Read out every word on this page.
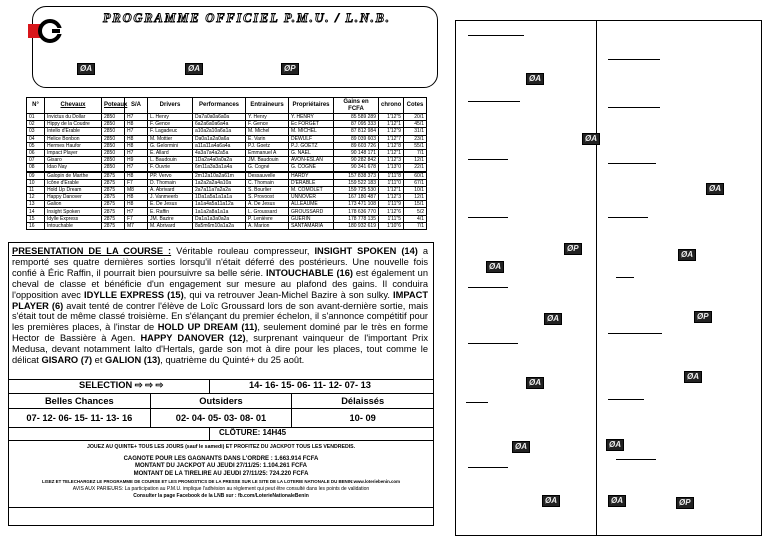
PROGRAMME OFFICIEL P.M.U. / L.N.B.
ØA	ØA	ØP
N°	Chevaux	Poteaux	S/A	Drivers	Performances	Entraîneurs	Propriétaires	Gains en FCFA	chrono	Cotes
01	Invictus du Dollar	2850	H7	L. Henry	Da7a0a0a6a0a	Y. Henry	Y. HENRY	85 589 289	1'12"5	20/1
02	Hippy de la Coudre	2850	H8	F. Gence	6a2a6a0a6a4a	F. Gence	Ec FORGET	87 095 333	1'12"1	45/1
03	Intello d'Erable	2850	H7	F. Lagadeuc	a10a2a10a6a1a	M. Michel	M. MICHEL	87 812 984	1'12"9	31/1
04	Helice Bonbon	2850	H8	M. Mottier	Da0a1a2a0a6a	E. Varin	DEWULF	89 039 603	1'12"7	23/1
05	Hermes Haufor	2850	H8	G. Gelormini	a11a11a4a6a4a	PJ. Goetz	P.J. GOETZ	89 603 726	1'12"8	55/1
06	Impact Player	2850	H7	E. Allard	4a3a7a4a2a5a	Emmanuel A	G. NAEL	90 148 171	1'12"1	7/1
07	Gisaro	2850	H9	L. Baudouin	1Da2a4a0a0a2a	JM. Baudouin	AVON-ESLAN	90 282 842	1'12"3	12/1
08	Idao Nay	2850	H7	F. Ouvrie	6m11a3a3a1a4a	G. Cogné	G. COGNE	90 341 678	1'13"0	22/1
09	Galopin de Marthe	2875	H8	PP. Vervo	2m12a10a2a61m	Dessauvelle	HARDY	157 838 373	1'11"8	60/1
10	Icône d'Erable	2875	F7	D. Thomain	1a2a2a2a4a10a	C. Thomain	D'ERABLE	159 522 183	1'11"0	67/1
11	Hold Up Dream	2875	M8	A. Abrivard	2a7a11a7a2a2a	S. Bourlier	M. COMOLET	159 725 530	1'12"1	10/1
12	Happy Danover	2875	H8	J. Vanmeerb	1Da1a5a1a1a1a	S. Provoost	UNNOVER	167 180 487	1'12"3	12/1
13	Galion	2875	H8	E. De Jesus	1a1a4a5a11a12a	A. De Jesus	ALLEAUME	173 471 108	1'11"9	15/1
14	Insight Spoken	2875	H7	E. Raffin	1a1a2a8a1a1a	L. Groussard	GROUSSARD	178 636 770	1'12"6	5/2
15	Idylle Express	2875	F7	JM. Bazire	Da1a1a3a0a2a	P. Lenièvre	GUERIN	178 778 135	1'11"5	4/1
16	Intouchable	2875	M7	M. Abrivard	8a5m6m10a1a2a	A. Marion	SANTAMARIA	180 932 619	1'10"6	7/1
PRESENTATION DE LA COURSE : Véritable rouleau compresseur, INSIGHT SPOKEN (14) a remporté ses quatre dernières sorties lorsqu'il n'était déferré des postérieurs. Une nouvelle fois confié à Éric Raffin, il pourrait bien poursuivre sa belle série. INTOUCHABLE (16) est également un cheval de classe et bénéficie d'un engagement sur mesure au plafond des gains. Il conduira l'opposition avec IDYLLE EXPRESS (15), qui va retrouver Jean-Michel Bazire à son sulky. IMPACT PLAYER (6) avait tenté de contrer l'élève de Loïc Groussard lors de son avant-dernière sortie, mais s'était tout de même classé troisième. En s'élançant du premier échelon, il s'annonce compétitif pour les premières places, à l'instar de HOLD UP DREAM (11), seulement dominé par le très en forme Hector de Bassière à Agen. HAPPY DANOVER (12), surprenant vainqueur de l'important Prix Medusa, devant notamment Ialto d'Hertals, garde son mot à dire pour les places, tout comme le délicat GISARO (7) et GALION (13), quatrième du Quinté+ du 25 août.
SELECTION ⇨ ⇨ ⇨	14- 16- 15- 06- 11- 12- 07- 13
Belles Chances	Outsiders	Délaissés
07- 12- 06- 15- 11- 13- 16	02- 04- 05- 03- 08- 01	10- 09
CLÔTURE: 14H45
JOUEZ AU QUINTE+ TOUS LES JOURS (sauf le samedi) ET PROFITEZ DU JACKPOT TOUS LES VENDREDIS.
CAGNOTE POUR LES GAGNANTS DANS L'ORDRE : 1.663.914 FCFA
MONTANT DU JACKPOT AU JEUDI 27/11/25: 1.104.261 FCFA
MONTANT DE LA TIRELIRE AU JEUDI 27/11/25: 724.220 FCFA
LISEZ ET TELECHARGEZ LE PROGRAMME DE COURSE ET LES PRONOSTICS DE LA PRESSE SUR LE SITE DE LA LOTERIE NATIONALE DU BENIN:www.loteriebenin.com
AVIS AUX PARIEURS: La participation au P.M.U. implique l'adhésion au règlement qui peut être consulté dans les points de validation
Consulter la page Facebook de la LNB sur : fb.com/LoterieNationaleBenin
ØA
ØA
ØA
ØA
ØA
ØA
ØA
ØA
ØA
ØP
ØA
ØA
ØP
ØA
ØP
